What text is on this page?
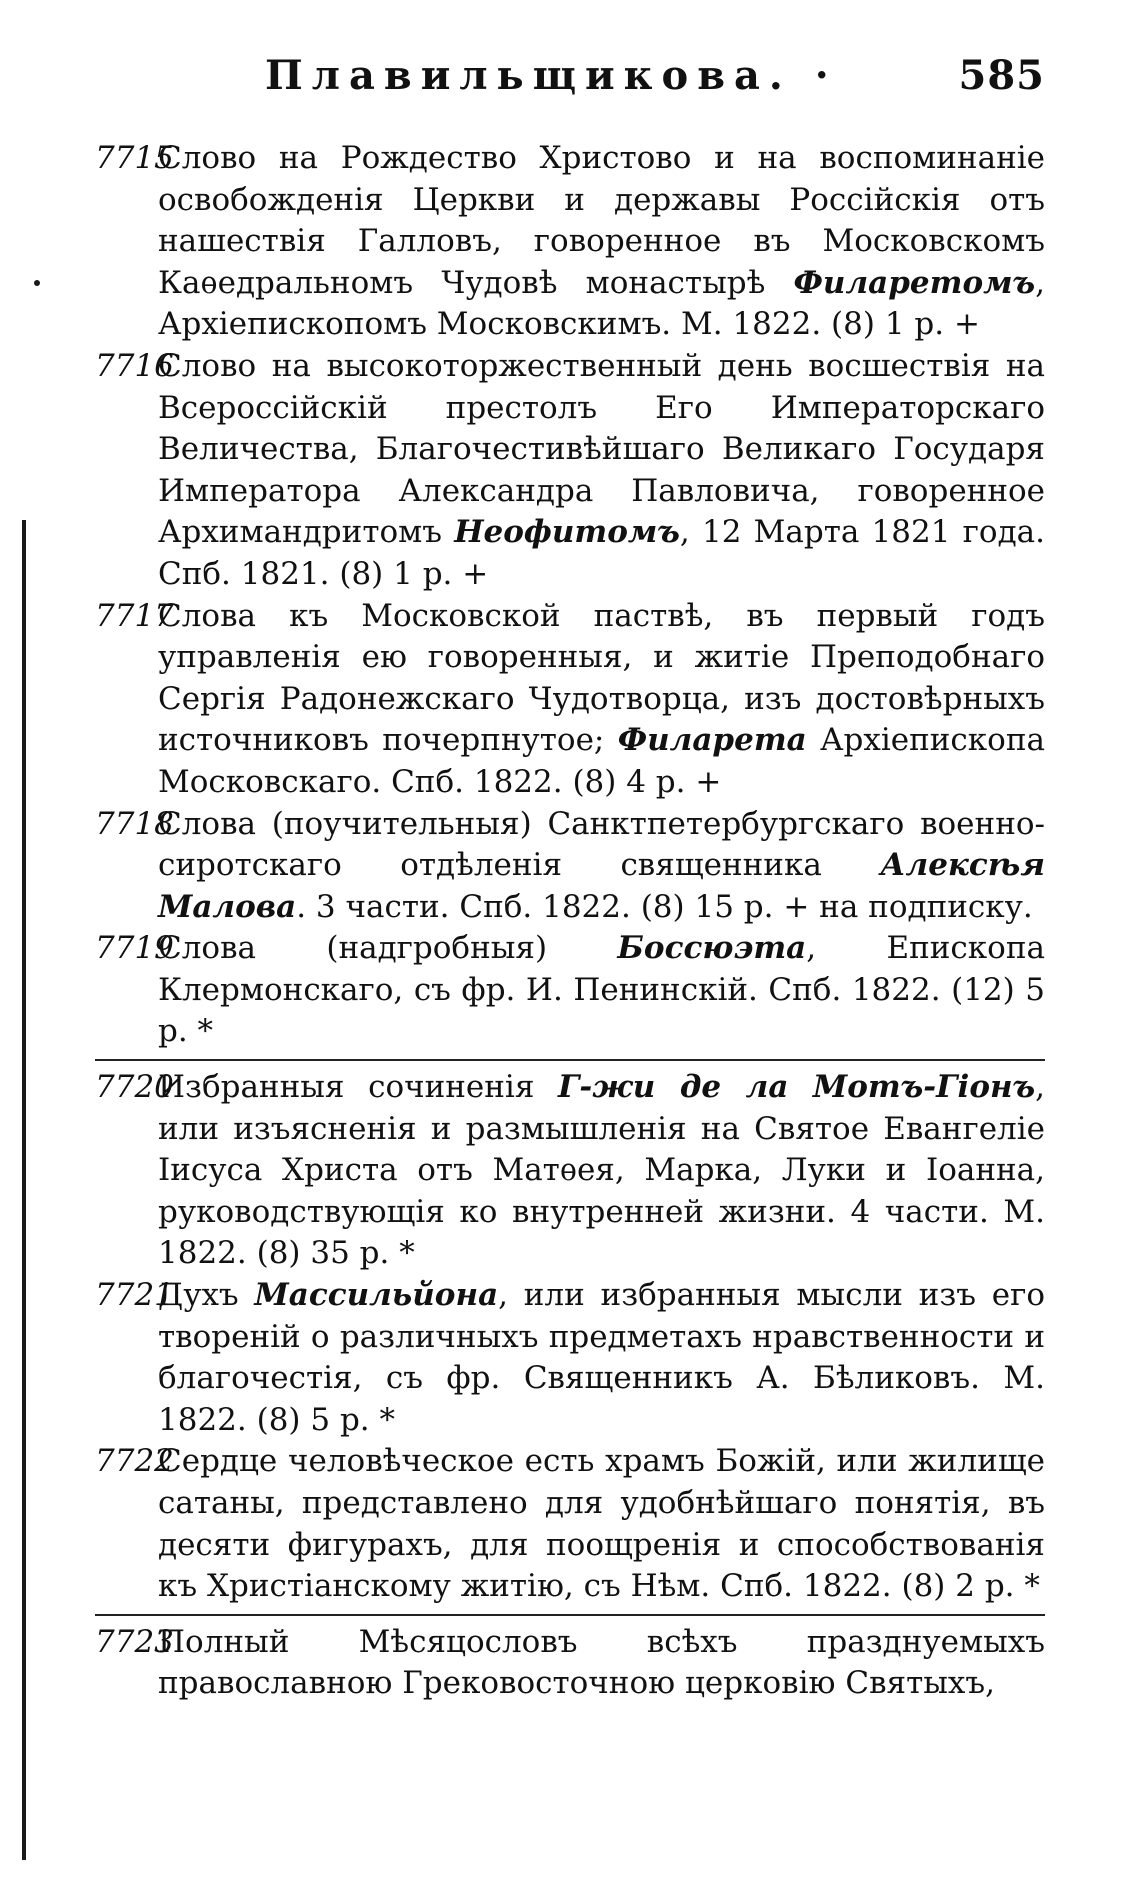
Плавильщикова. ·	585
7715
Слово на Рождество Христово и на воспоминаніе освобожденія Церкви и державы Россійскія отъ нашествія Галловъ, говоренное въ Московскомъ Каѳедральномъ Чудовѣ монастырѣ Филаретомъ, Архіепископомъ Московскимъ. М. 1822. (8) 1 р. +
7716
Слово на высокоторжественный день восшествія на Всероссійскій престолъ Его Императорскаго Величества, Благочестивѣйшаго Великаго Государя Императора Александра Павловича, говоренное Архимандритомъ Неофитомъ, 12 Марта 1821 года. Спб. 1821. (8) 1 р. +
7717
Слова къ Московской паствѣ, въ первый годъ управленія ею говоренныя, и житіе Преподобнаго Сергія Радонежскаго Чудотворца, изъ достовѣрныхъ источниковъ почерпнутое; Филарета Архіепископа Московскаго. Спб. 1822. (8) 4 р. +
7718
Слова (поучительныя) Санктпетербургскаго военно-сиротскаго отдѣленія священника Алексѣя Малова. 3 части. Спб. 1822. (8) 15 р. + на подписку.
7719
Слова (надгробныя) Боссюэта, Епископа Клермонскаго, съ фр. И. Пенинскій. Спб. 1822. (12) 5 р. *
7720
Избранныя сочиненія Г-жи де ла Мотъ-Гіонъ, или изъясненія и размышленія на Святое Евангеліе Іисуса Христа отъ Матѳея, Марка, Луки и Іоанна, руководствующія ко внутренней жизни. 4 части. М. 1822. (8) 35 р. *
7721
Духъ Массильйона, или избранныя мысли изъ его твореній о различныхъ предметахъ нравственности и благочестія, съ фр. Священникъ А. Бѣликовъ. М. 1822. (8) 5 р. *
7722
Сердце человѣческое есть храмъ Божій, или жилище сатаны, представлено для удобнѣйшаго понятія, въ десяти фигурахъ, для поощренія и способствованія къ Христіанскому житію, съ Нѣм. Спб. 1822. (8) 2 р. *
7723
Полный Мѣсяцословъ всѣхъ празднуемыхъ православною Грековосточною церковію Святыхъ,
